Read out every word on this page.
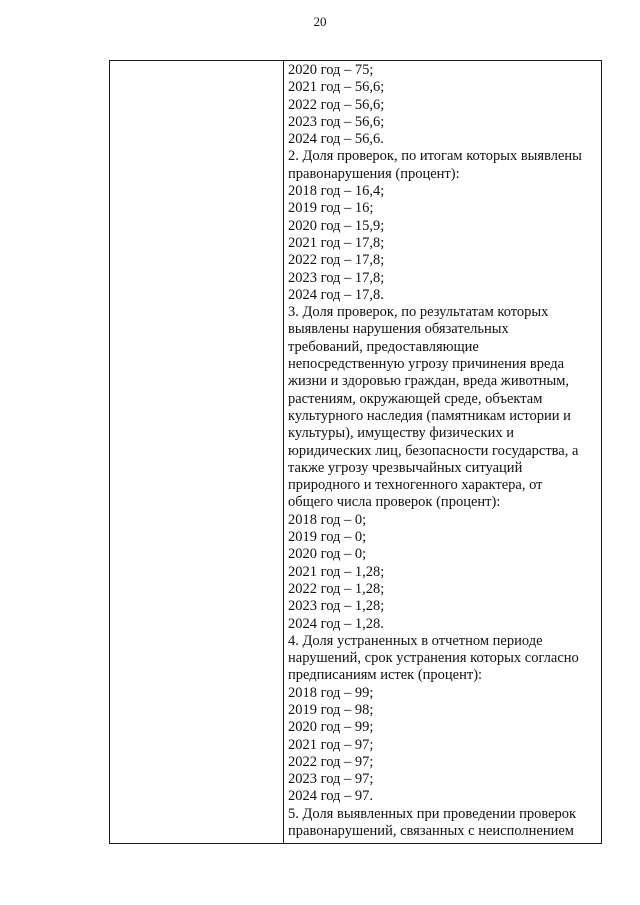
20
2020 год – 75;
2021 год – 56,6;
2022 год – 56,6;
2023 год – 56,6;
2024 год – 56,6.
2. Доля проверок, по итогам которых выявлены
правонарушения (процент):
2018 год – 16,4;
2019 год – 16;
2020 год – 15,9;
2021 год – 17,8;
2022 год – 17,8;
2023 год – 17,8;
2024 год – 17,8.
3. Доля проверок, по результатам которых
выявлены нарушения обязательных
требований, предоставляющие
непосредственную угрозу причинения вреда
жизни и здоровью граждан, вреда животным,
растениям, окружающей среде, объектам
культурного наследия (памятникам истории и
культуры), имуществу физических и
юридических лиц, безопасности государства, а
также угрозу чрезвычайных ситуаций
природного и техногенного характера, от
общего числа проверок (процент):
2018 год – 0;
2019 год – 0;
2020 год – 0;
2021 год – 1,28;
2022 год – 1,28;
2023 год – 1,28;
2024 год – 1,28.
4. Доля устраненных в отчетном периоде
нарушений, срок устранения которых согласно
предписаниям истек (процент):
2018 год – 99;
2019 год – 98;
2020 год – 99;
2021 год – 97;
2022 год – 97;
2023 год – 97;
2024 год – 97.
5. Доля выявленных при проведении проверок
правонарушений, связанных с неисполнением
